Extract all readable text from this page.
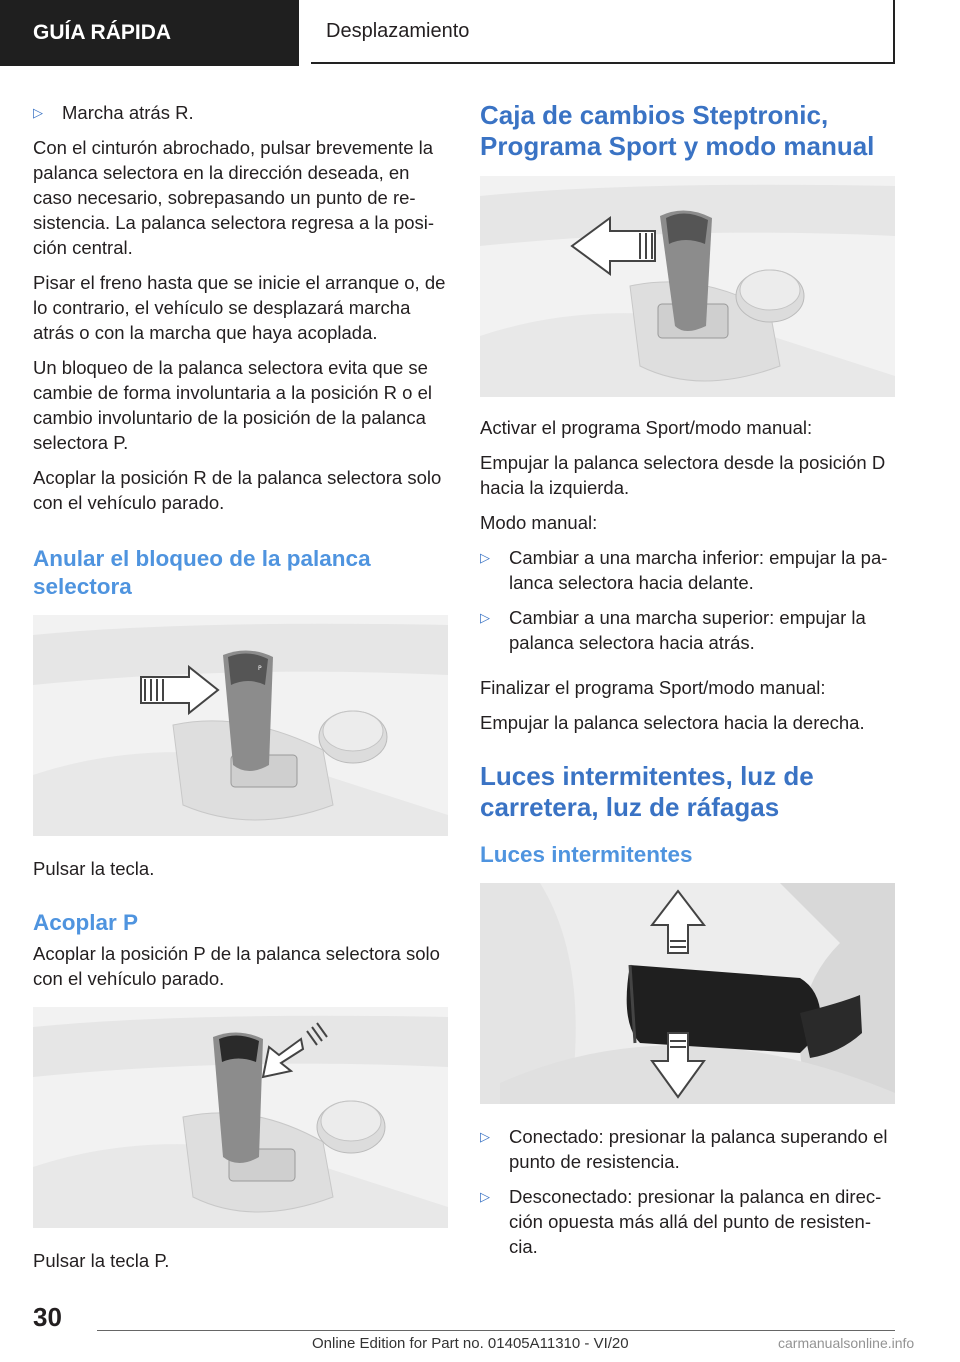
GUÍA RÁPIDA	Desplazamiento
▷	Marcha atrás R.

Con el cinturón abrochado, pulsar brevemente la palanca selectora en la dirección deseada, en caso necesario, sobrepasando un punto de re‐ sistencia. La palanca selectora regresa a la posi‐ ción central.

Pisar el freno hasta que se inicie el arranque o, de lo contrario, el vehículo se desplazará marcha atrás o con la marcha que haya acoplada.

Un bloqueo de la palanca selectora evita que se cambie de forma involuntaria a la posición R o el cambio involuntario de la posición de la palanca selectora P.

Acoplar la posición R de la palanca selectora solo con el vehículo parado.

Anular el bloqueo de la palanca selectora
P

Pulsar la tecla.

Acoplar P

Acoplar la posición P de la palanca selectora solo con el vehículo parado.

Pulsar la tecla P.

Caja de cambios Steptronic, Programa Sport y modo manual

Activar el programa Sport/modo manual:

Empujar la palanca selectora desde la posición D hacia la izquierda.

Modo manual:

▷	Cambiar a una marcha inferior: empujar la pa‐ lanca selectora hacia delante.
▷	Cambiar a una marcha superior: empujar la palanca selectora hacia atrás.

Finalizar el programa Sport/modo manual:

Empujar la palanca selectora hacia la derecha.

Luces intermitentes, luz de carretera, luz de ráfagas
Luces intermitentes
▷	Conectado: presionar la palanca superando el punto de resistencia.
▷	Desconectado: presionar la palanca en direc‐ ción opuesta más allá del punto de resisten‐ cia.
30
Online Edition for Part no. 01405A11310 - VI/20	carmanualsonline.info
